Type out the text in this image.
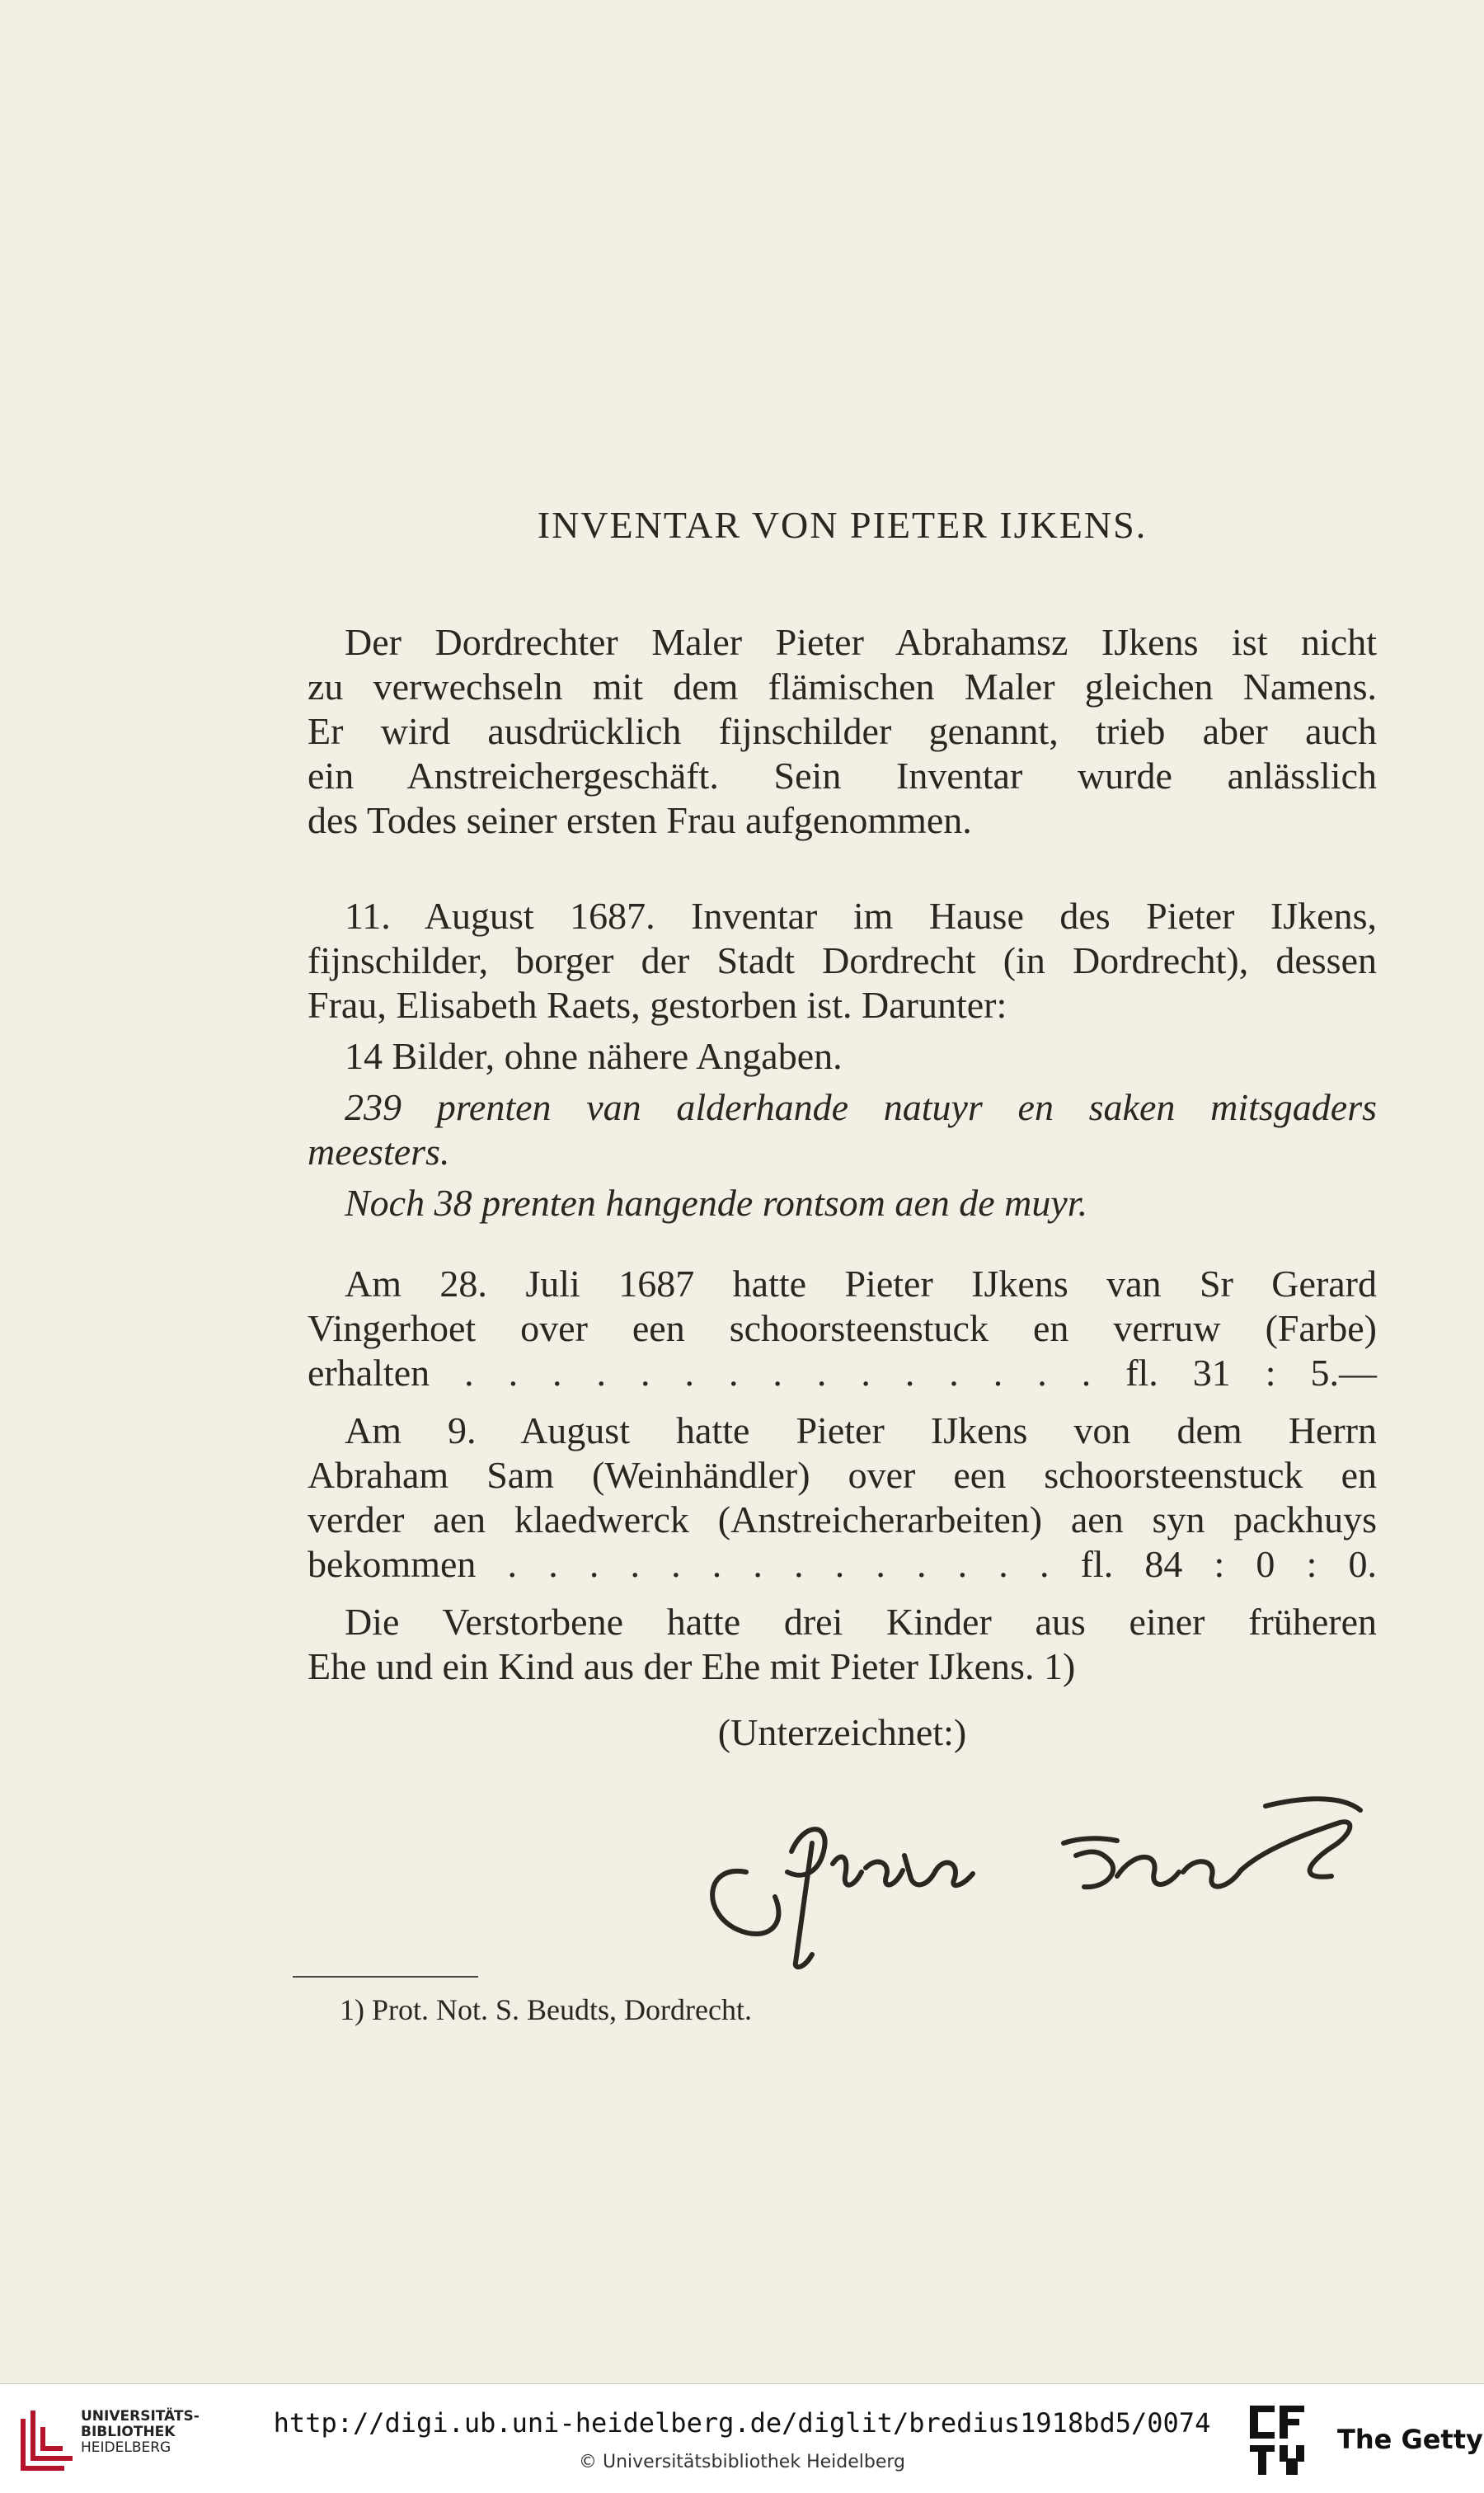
INVENTAR VON PIETER IJKENS.
Der Dordrechter Maler Pieter Abrahamsz IJkens ist nicht
zu verwechseln mit dem flämischen Maler gleichen Namens.
Er wird ausdrücklich fijnschilder genannt, trieb aber auch
ein Anstreichergeschäft. Sein Inventar wurde anlässlich
des Todes seiner ersten Frau aufgenommen.
11. August 1687. Inventar im Hause des Pieter IJkens,
fijnschilder, borger der Stadt Dordrecht (in Dordrecht), dessen
Frau, Elisabeth Raets, gestorben ist. Darunter:
14 Bilder, ohne nähere Angaben.
239 prenten van alderhande natuyr en saken mitsgaders
meesters.
Noch 38 prenten hangende rontsom aen de muyr.
Am 28. Juli 1687 hatte Pieter IJkens van Sr Gerard
Vingerhoet over een schoorsteenstuck en verruw (Farbe)
erhalten . . . . . . . . . . . . . . . fl. 31 : 5.—
Am 9. August hatte Pieter IJkens von dem Herrn
Abraham Sam (Weinhändler) over een schoorsteenstuck en
verder aen klaedwerck (Anstreicherarbeiten) aen syn packhuys
bekommen . . . . . . . . . . . . . . fl. 84 : 0 : 0.
Die Verstorbene hatte drei Kinder aus einer früheren
Ehe und ein Kind aus der Ehe mit Pieter IJkens. 1)
(Unterzeichnet:)
1) Prot. Not. S. Beudts, Dordrecht.
UNIVERSITÄTS-
BIBLIOTHEK
HEIDELBERG
http://digi.ub.uni-heidelberg.de/diglit/bredius1918bd5/0074
© Universitätsbibliothek Heidelberg
The Getty
